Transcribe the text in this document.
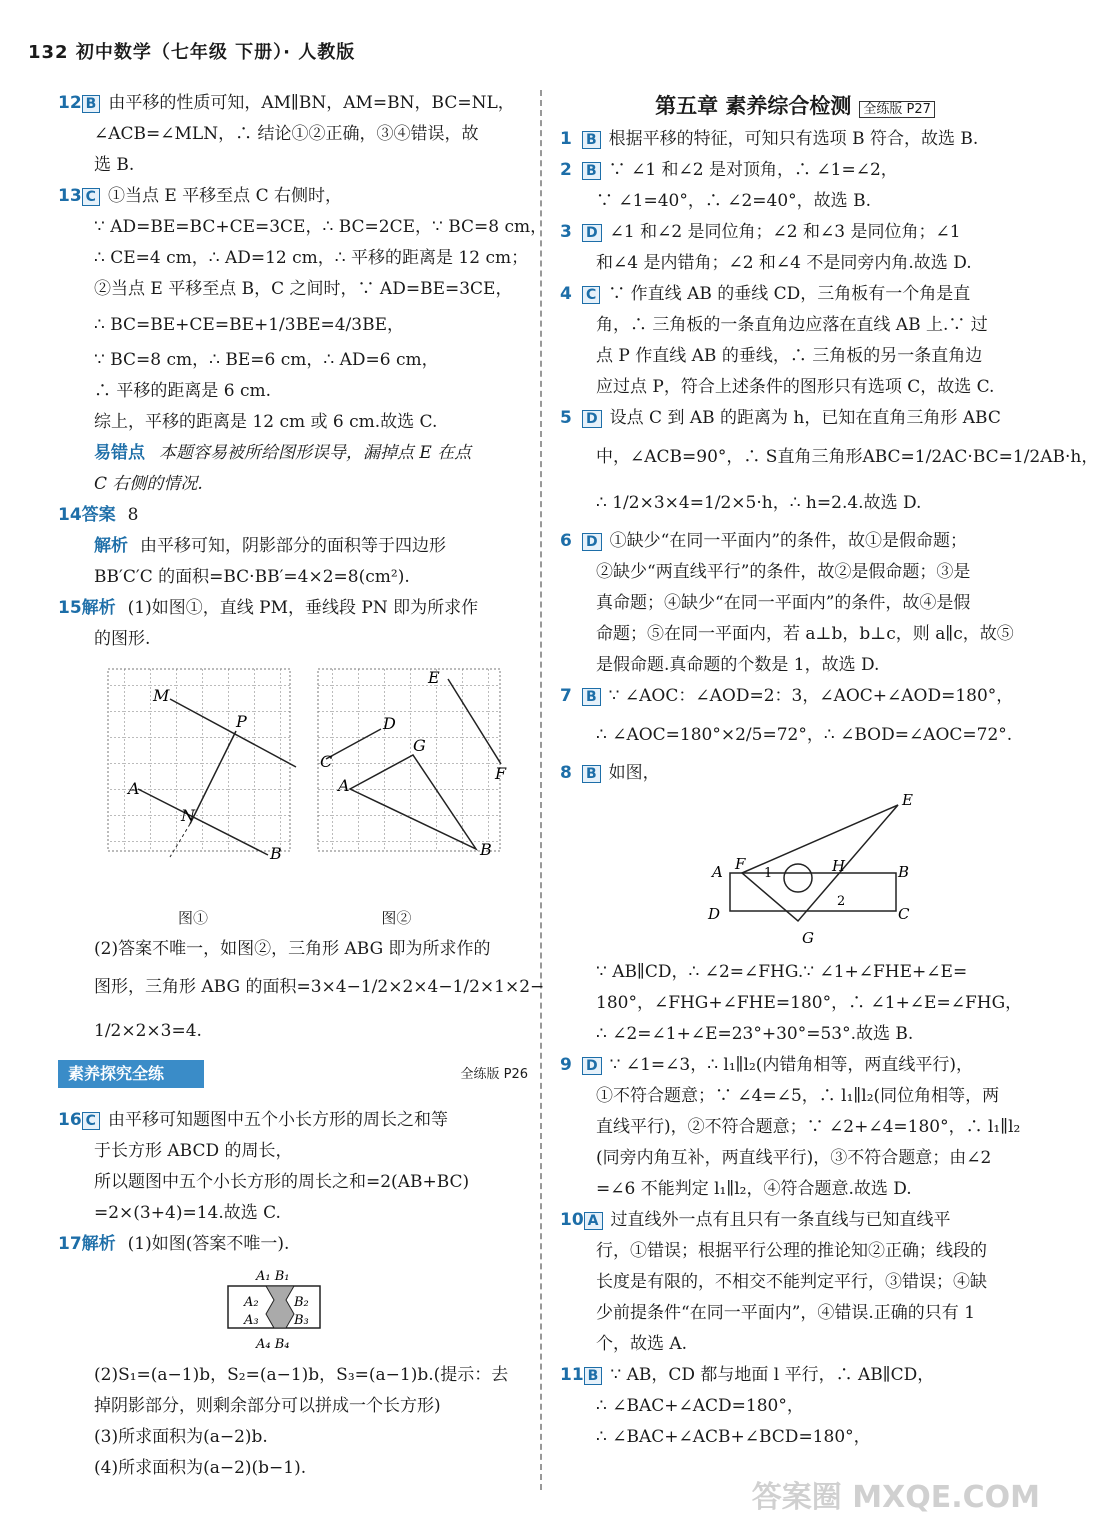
132 初中数学（七年级 下册）· 人教版
12 B 由平移的性质可知，AM∥BN，AM=BN，BC=NL，
∠ACB=∠MLN，∴ 结论①②正确，③④错误，故
选 B.
13 C ①当点 E 平移至点 C 右侧时，
∵ AD=BE=BC+CE=3CE，∴ BC=2CE，∵ BC=8 cm，
∴ CE=4 cm，∴ AD=12 cm，∴ 平移的距离是 12 cm；
②当点 E 平移至点 B，C 之间时，∵ AD=BE=3CE，
∴ BC=BE+CE=BE+1/3BE=4/3BE，
∵ BC=8 cm，∴ BE=6 cm，∴ AD=6 cm，
∴ 平移的距离是 6 cm.
综上，平移的距离是 12 cm 或 6 cm.故选 C.
易错点 本题容易被所给图形误导，漏掉点 E 在点
C 右侧的情况.
14答案 8
解析 由平移可知，阴影部分的面积等于四边形
BB′C′C 的面积=BC·BB′=4×2=8(cm²).
15解析 (1)如图①，直线 PM，垂线段 PN 即为所求作
的图形.
M
P
A
N
B
E
D
G
C
F
A
B
图①	图②
(2)答案不唯一，如图②，三角形 ABG 即为所求作的
图形，三角形 ABG 的面积=3×4−1/2×2×4−1/2×1×2−
1/2×2×3=4.
素养探究全练	全练版 P26
16 C 由平移可知题图中五个小长方形的周长之和等
于长方形 ABCD 的周长，
所以题图中五个小长方形的周长之和=2(AB+BC)
=2×(3+4)=14.故选 C.
17解析 (1)如图(答案不唯一).
A₁ B₁
A₂
A₃
B₂
B₃
A₄ B₄
(2)S₁=(a−1)b，S₂=(a−1)b，S₃=(a−1)b.(提示：去
掉阴影部分，则剩余部分可以拼成一个长方形)
(3)所求面积为(a−2)b.
(4)所求面积为(a−2)(b−1).
第五章 素养综合检测 全练版 P27
1 B 根据平移的特征，可知只有选项 B 符合，故选 B.
2 B ∵ ∠1 和∠2 是对顶角，∴ ∠1=∠2，
∵ ∠1=40°，∴ ∠2=40°，故选 B.
3 D ∠1 和∠2 是同位角；∠2 和∠3 是同位角；∠1
和∠4 是内错角；∠2 和∠4 不是同旁内角.故选 D.
4 C ∵ 作直线 AB 的垂线 CD，三角板有一个角是直
角，∴ 三角板的一条直角边应落在直线 AB 上.∵ 过
点 P 作直线 AB 的垂线，∴ 三角板的另一条直角边
应过点 P，符合上述条件的图形只有选项 C，故选 C.
5 D 设点 C 到 AB 的距离为 h，已知在直角三角形 ABC
中，∠ACB=90°，∴ S直角三角形ABC=1/2AC·BC=1/2AB·h，
∴ 1/2×3×4=1/2×5·h，∴ h=2.4.故选 D.
6 D ①缺少“在同一平面内”的条件，故①是假命题；
②缺少“两直线平行”的条件，故②是假命题；③是
真命题；④缺少“在同一平面内”的条件，故④是假
命题；⑤在同一平面内，若 a⊥b，b⊥c，则 a∥c，故⑤
是假命题.真命题的个数是 1，故选 D.
7 B ∵ ∠AOC：∠AOD=2：3，∠AOC+∠AOD=180°，
∴ ∠AOC=180°×2/5=72°，∴ ∠BOD=∠AOC=72°.
8 B 如图，
A F
1	H	B
E
2
D	C
G
∵ AB∥CD，∴ ∠2=∠FHG.∵ ∠1+∠FHE+∠E=
180°，∠FHG+∠FHE=180°，∴ ∠1+∠E=∠FHG，
∴ ∠2=∠1+∠E=23°+30°=53°.故选 B.
9 D ∵ ∠1=∠3，∴ l₁∥l₂(内错角相等，两直线平行)，
①不符合题意；∵ ∠4=∠5，∴ l₁∥l₂(同位角相等，两
直线平行)，②不符合题意；∵ ∠2+∠4=180°，∴ l₁∥l₂
(同旁内角互补，两直线平行)，③不符合题意；由∠2
=∠6 不能判定 l₁∥l₂，④符合题意.故选 D.
10 A 过直线外一点有且只有一条直线与已知直线平
行，①错误；根据平行公理的推论知②正确；线段的
长度是有限的，不相交不能判定平行，③错误；④缺
少前提条件“在同一平面内”，④错误.正确的只有 1
个，故选 A.
11 B ∵ AB，CD 都与地面 l 平行，∴ AB∥CD，
∴ ∠BAC+∠ACD=180°，
∴ ∠BAC+∠ACB+∠BCD=180°，
答案圈 MXQE.COM
